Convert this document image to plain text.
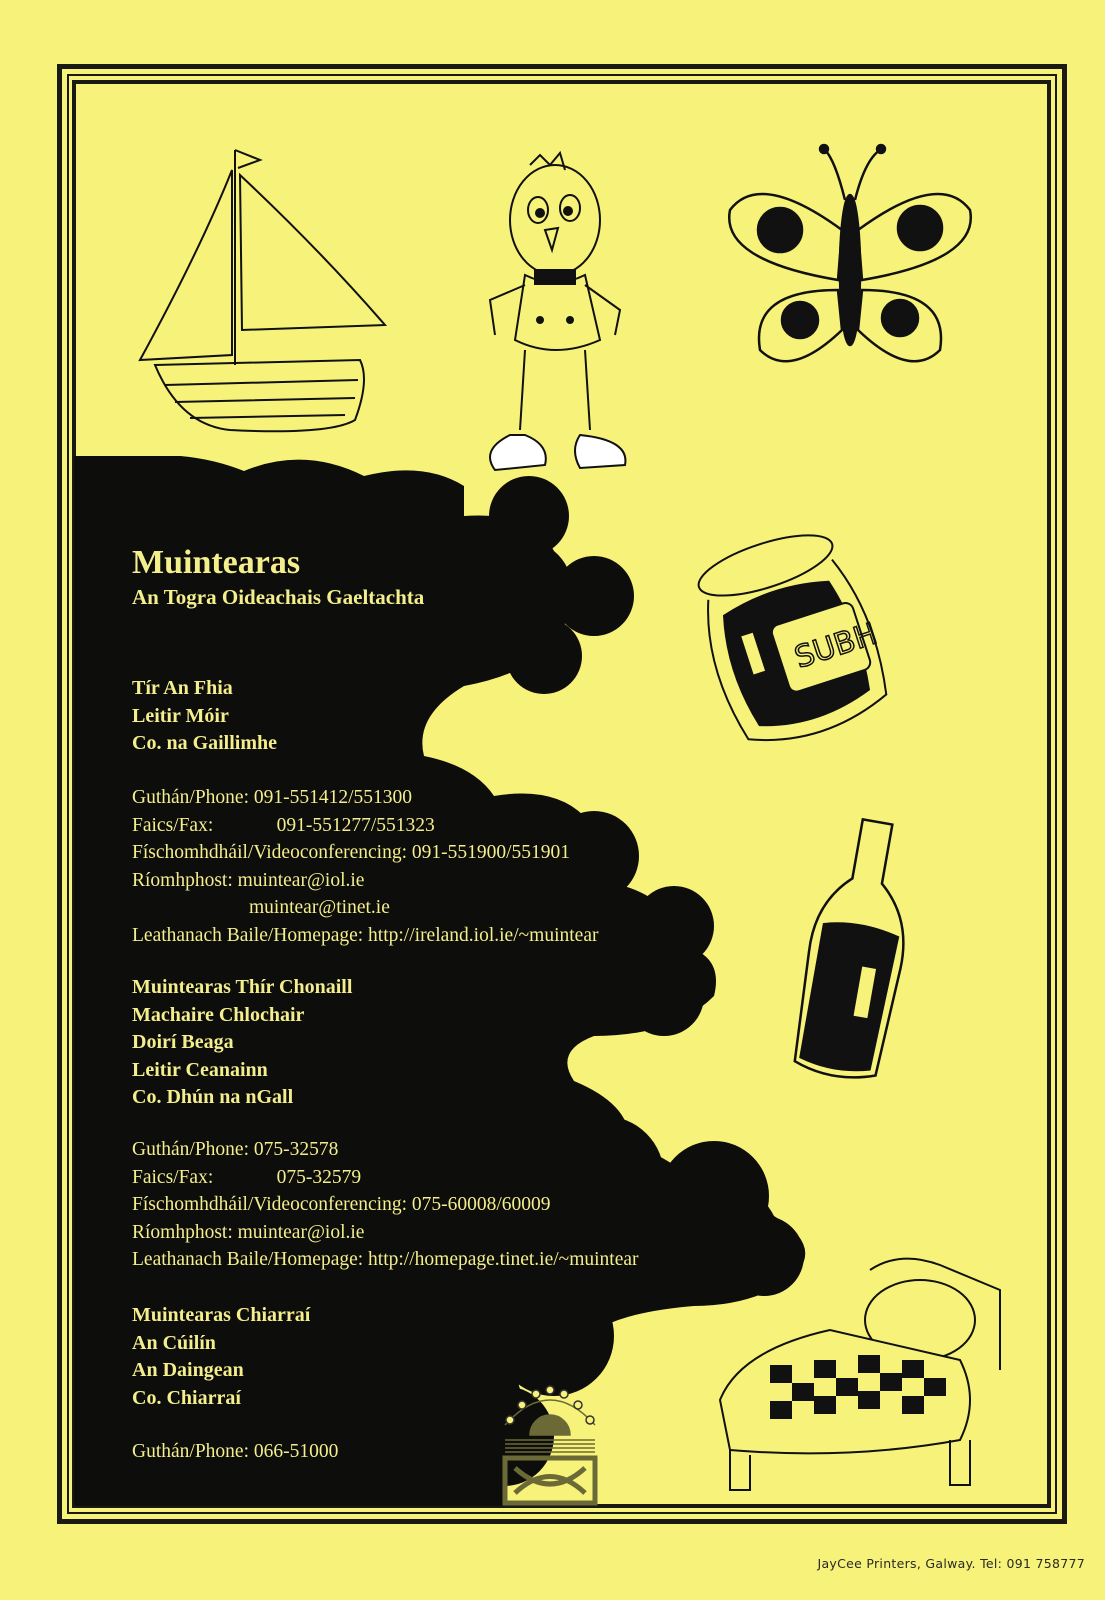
Muintearas
An Togra Oideachais Gaeltachta
Tír An Fhia
Leitir Móir
Co. na Gaillimhe
Guthán/Phone: 091-551412/551300
Faics/Fax:             091-551277/551323
Físchomhdháil/Videoconferencing: 091-551900/551901
Ríomhphost: muintear@iol.ie
muintear@tinet.ie
Leathanach Baile/Homepage: http://ireland.iol.ie/~muintear
Muintearas Thír Chonaill
Machaire Chlochair
Doirí Beaga
Leitir Ceanainn
Co. Dhún na nGall
Guthán/Phone: 075-32578
Faics/Fax:             075-32579
Físchomhdháil/Videoconferencing: 075-60008/60009
Ríomhphost: muintear@iol.ie
Leathanach Baile/Homepage: http://homepage.tinet.ie/~muintear
Muintearas Chiarraí
An Cúilín
An Daingean
Co. Chiarraí
Guthán/Phone: 066-51000
SUBH
JayCee Printers, Galway. Tel: 091 758777
